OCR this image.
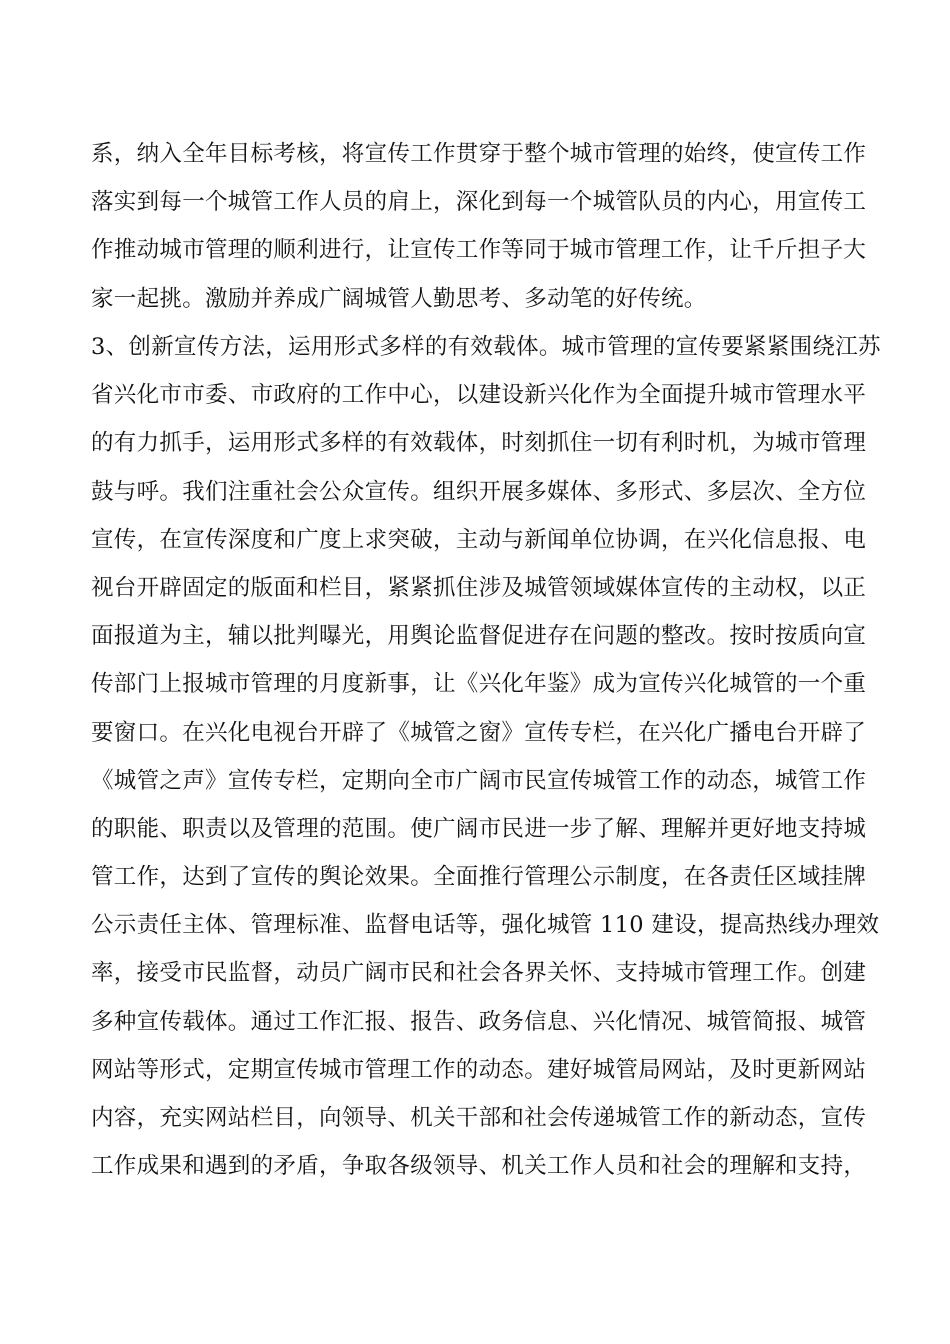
系，纳入全年目标考核，将宣传工作贯穿于整个城市管理的始终，使宣传工作
落实到每一个城管工作人员的肩上，深化到每一个城管队员的内心，用宣传工
作推动城市管理的顺利进行，让宣传工作等同于城市管理工作，让千斤担子大
家一起挑。激励并养成广阔城管人勤思考、多动笔的好传统。
3、创新宣传方法，运用形式多样的有效载体。城市管理的宣传要紧紧围绕江苏
省兴化市市委、市政府的工作中心，以建设新兴化作为全面提升城市管理水平
的有力抓手，运用形式多样的有效载体，时刻抓住一切有利时机，为城市管理
鼓与呼。我们注重社会公众宣传。组织开展多媒体、多形式、多层次、全方位
宣传，在宣传深度和广度上求突破，主动与新闻单位协调，在兴化信息报、电
视台开辟固定的版面和栏目，紧紧抓住涉及城管领域媒体宣传的主动权，以正
面报道为主，辅以批判曝光，用舆论监督促进存在问题的整改。按时按质向宣
传部门上报城市管理的月度新事，让《兴化年鉴》成为宣传兴化城管的一个重
要窗口。在兴化电视台开辟了《城管之窗》宣传专栏，在兴化广播电台开辟了
《城管之声》宣传专栏，定期向全市广阔市民宣传城管工作的动态，城管工作
的职能、职责以及管理的范围。使广阔市民进一步了解、理解并更好地支持城
管工作，达到了宣传的舆论效果。全面推行管理公示制度，在各责任区域挂牌
公示责任主体、管理标准、监督电话等，强化城管 110 建设，提高热线办理效
率，接受市民监督，动员广阔市民和社会各界关怀、支持城市管理工作。创建
多种宣传载体。通过工作汇报、报告、政务信息、兴化情况、城管简报、城管
网站等形式，定期宣传城市管理工作的动态。建好城管局网站，及时更新网站
内容，充实网站栏目，向领导、机关干部和社会传递城管工作的新动态，宣传
工作成果和遇到的矛盾，争取各级领导、机关工作人员和社会的理解和支持，
